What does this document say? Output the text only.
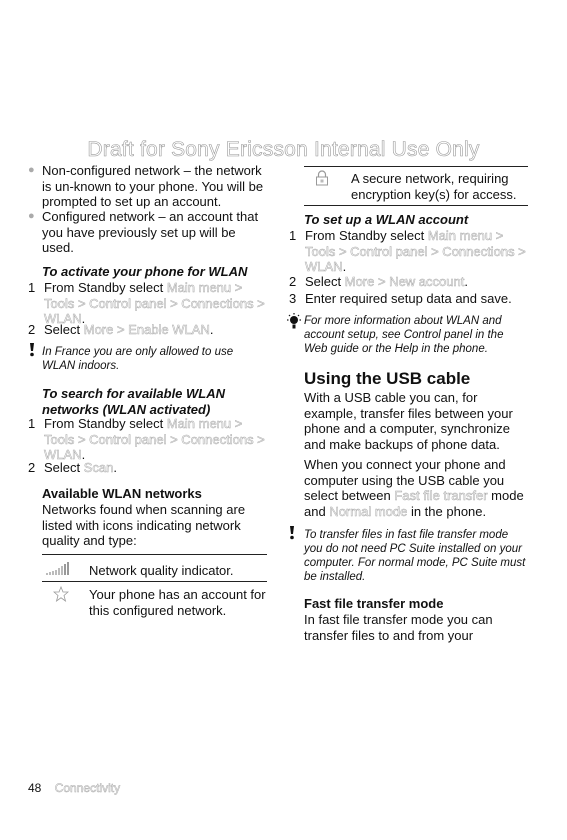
Draft for Sony Ericsson Internal Use Only
● Non-configured network – the network is un-known to your phone. You will be prompted to set up an account.
● Configured network – an account that you have previously set up will be used.
To activate your phone for WLAN
1 From Standby select Main menu > Tools > Control panel > Connections > WLAN.
2 Select More > Enable WLAN.
In France you are only allowed to use WLAN indoors.
To search for available WLAN networks (WLAN activated)
1 From Standby select Main menu > Tools > Control panel > Connections > WLAN.
2 Select Scan.
Available WLAN networks
Networks found when scanning are listed with icons indicating network quality and type:
Network quality indicator.
Your phone has an account for this configured network.
A secure network, requiring encryption key(s) for access.
To set up a WLAN account
1 From Standby select Main menu > Tools > Control panel > Connections > WLAN.
2 Select More > New account.
3 Enter required setup data and save.
For more information about WLAN and account setup, see Control panel in the Web guide or the Help in the phone.
Using the USB cable
With a USB cable you can, for example, transfer files between your phone and a computer, synchronize and make backups of phone data.
When you connect your phone and computer using the USB cable you select between Fast file transfer mode and Normal mode in the phone.
To transfer files in fast file transfer mode you do not need PC Suite installed on your computer. For normal mode, PC Suite must be installed.
Fast file transfer mode
In fast file transfer mode you can transfer files to and from your
48 Connectivity
